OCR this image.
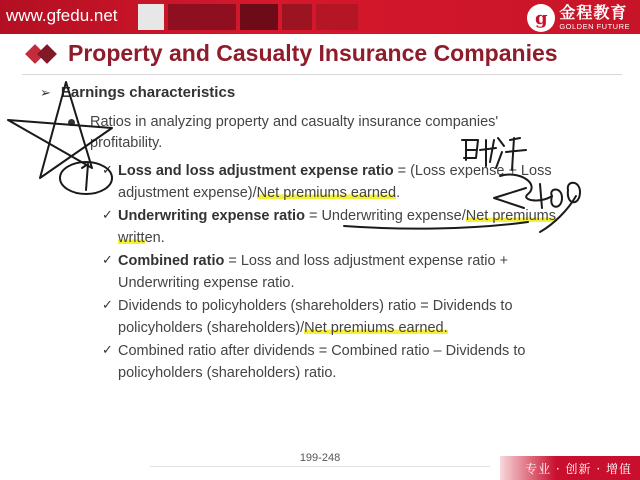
www.gfedu.net	g 金程教育
GOLDEN FUTURE
Property and Casualty Insurance Companies
➢ Earnings characteristics
Ratios in analyzing property and casualty insurance companies' profitability.
✓ Loss and loss adjustment expense ratio = (Loss expense + Loss adjustment expense)/Net premiums earned.
✓ Underwriting expense ratio = Underwriting expense/Net premiums written.
✓ Combined ratio = Loss and loss adjustment expense ratio + Underwriting expense ratio.
✓ Dividends to policyholders (shareholders) ratio = Dividends to policyholders (shareholders)/Net premiums earned.
✓ Combined ratio after dividends = Combined ratio – Dividends to policyholders (shareholders) ratio.
199-248
专业 · 创新 · 增值
